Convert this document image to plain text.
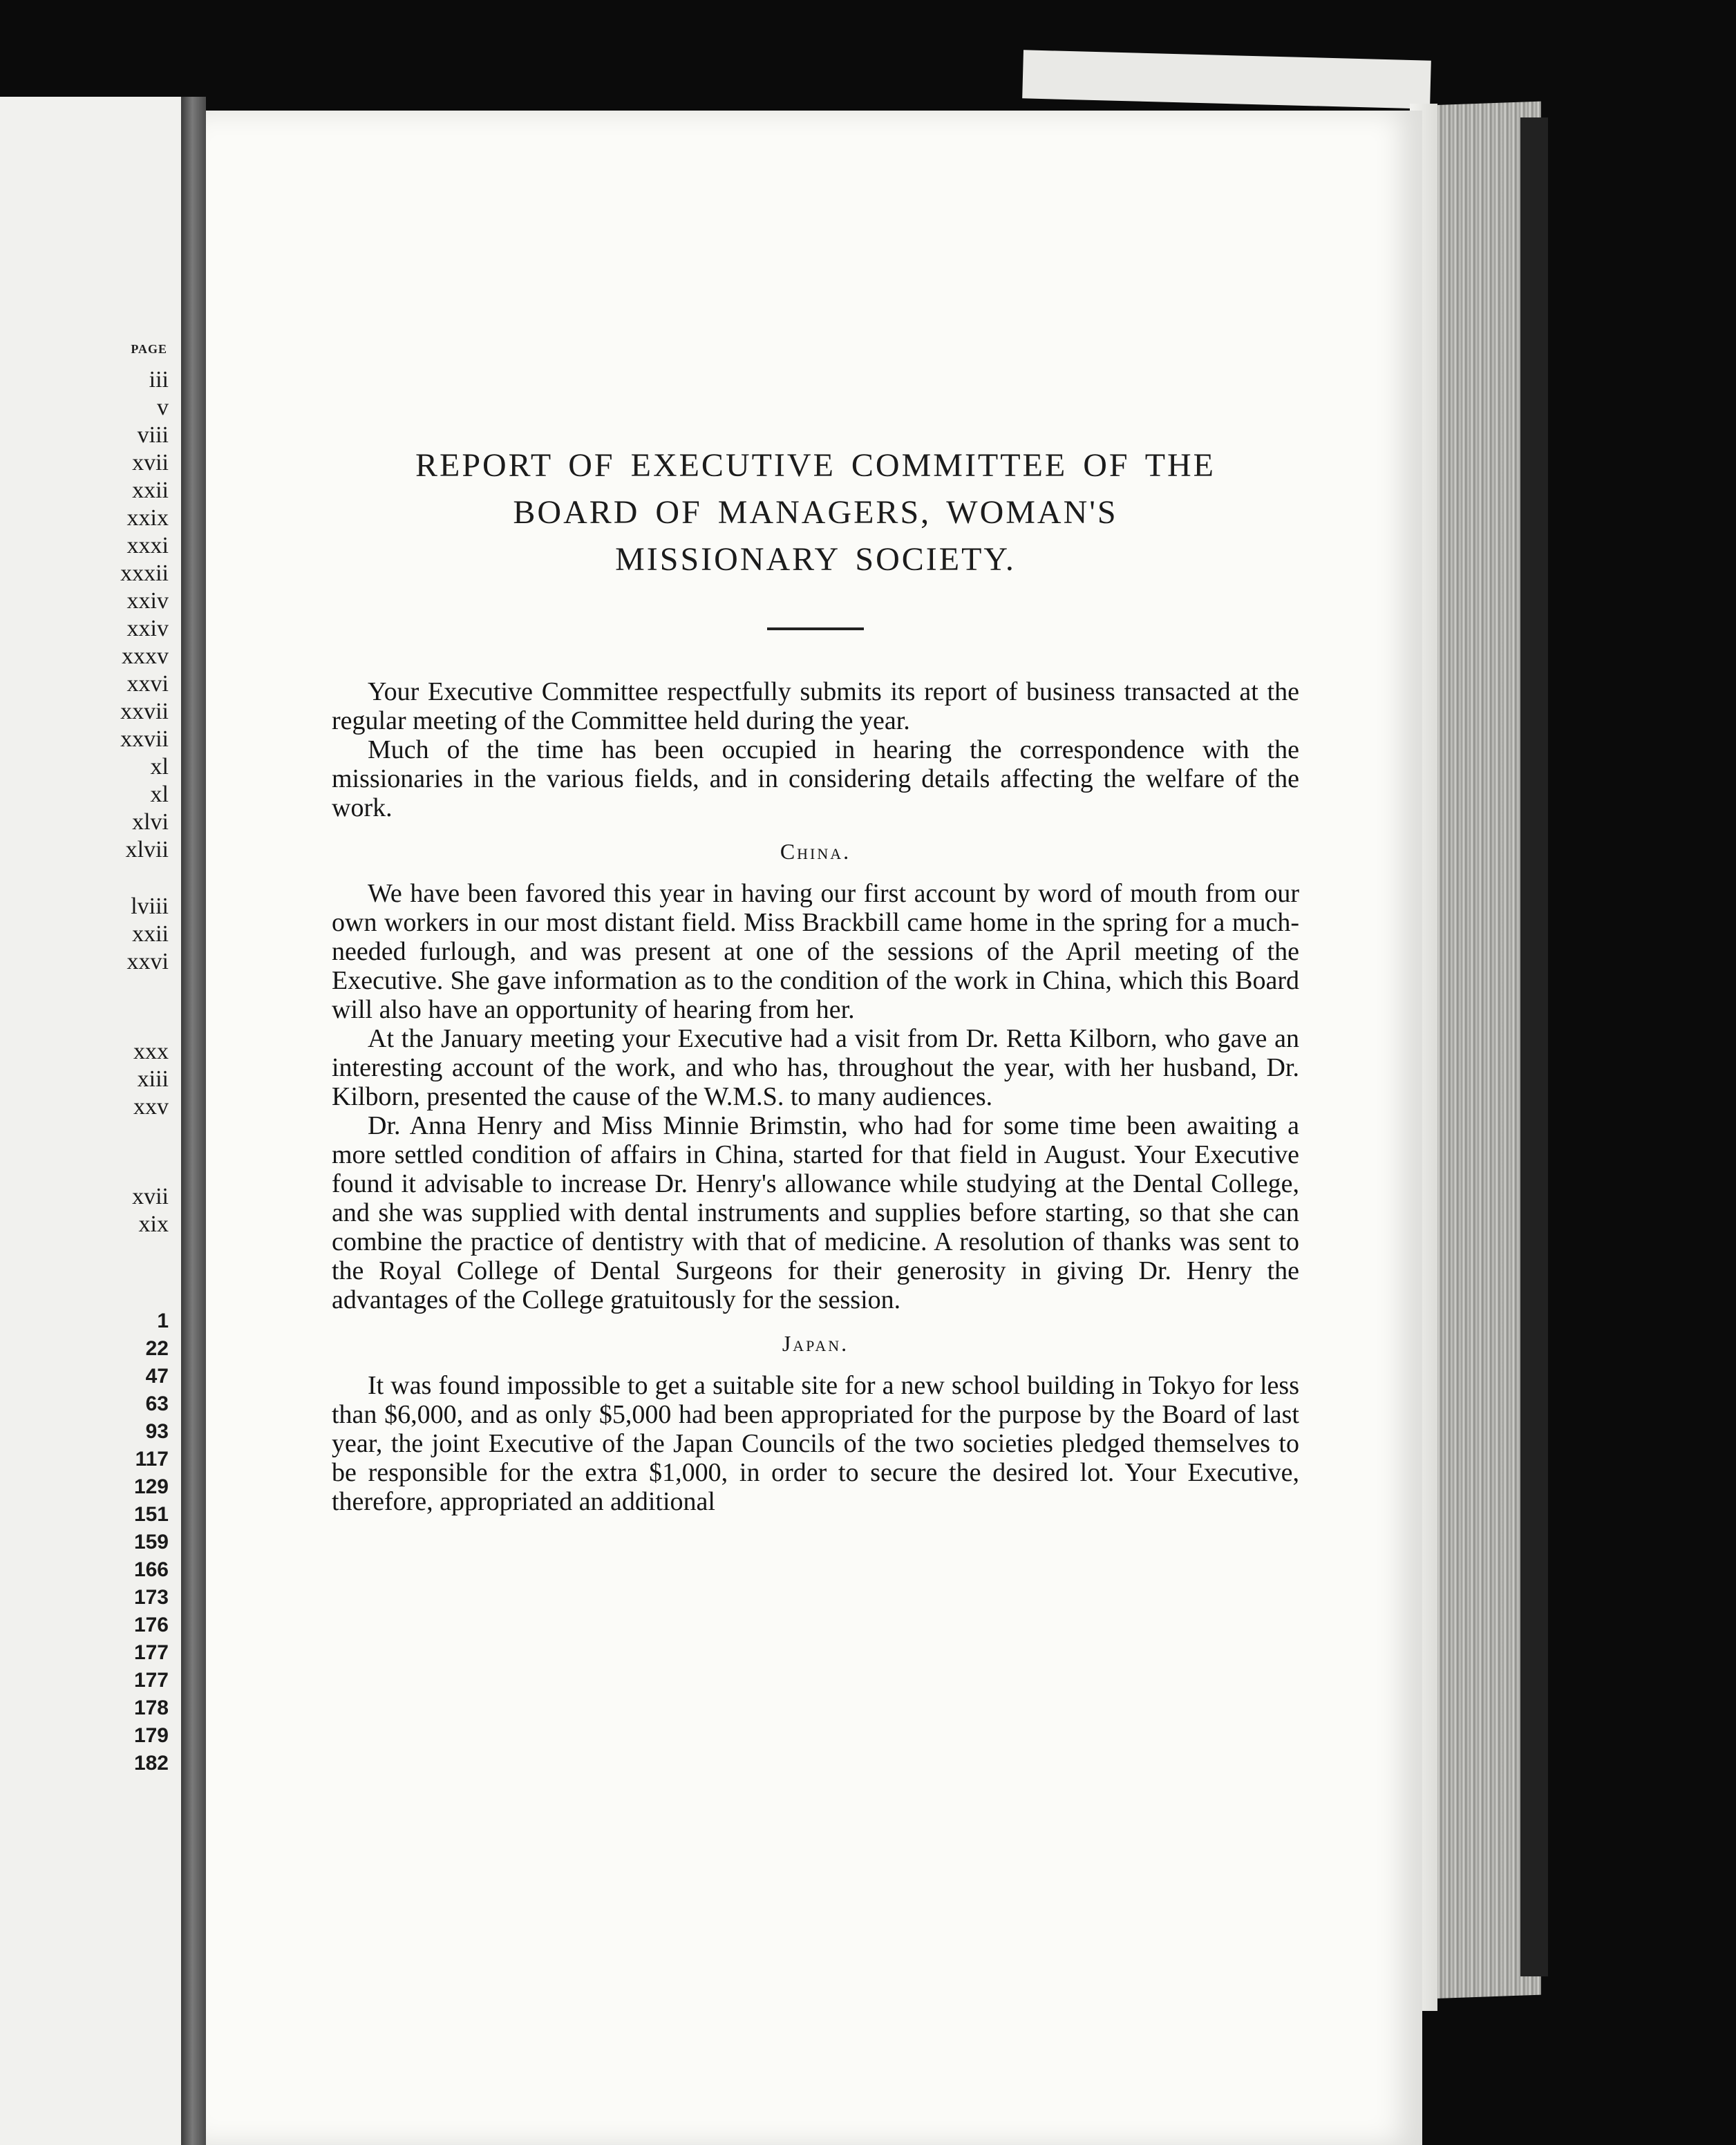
PAGE
iii
v
viii
xvii
xxii
xxix
xxxi
xxxii
xxiv
xxiv
xxxv
xxvi
xxvii
xxvii
xl
xl
xlvi
xlvii
lviii
xxii
xxvi
xxx
xiii
xxv
xvii
xix
1
22
47
63
93
117
129
151
159
166
173
176
177
177
178
179
182
REPORT OF EXECUTIVE COMMITTEE OF THE
BOARD OF MANAGERS, WOMAN'S
MISSIONARY SOCIETY.

Your Executive Committee respectfully submits its report of business transacted at the regular meeting of the Committee held during the year.

Much of the time has been occupied in hearing the correspondence with the missionaries in the various fields, and in considering details affecting the welfare of the work.

China.

We have been favored this year in having our first account by word of mouth from our own workers in our most distant field. Miss Brackbill came home in the spring for a much-needed furlough, and was present at one of the sessions of the April meeting of the Executive. She gave information as to the condition of the work in China, which this Board will also have an opportunity of hearing from her.

At the January meeting your Executive had a visit from Dr. Retta Kilborn, who gave an interesting account of the work, and who has, throughout the year, with her husband, Dr. Kilborn, presented the cause of the W.M.S. to many audiences.

Dr. Anna Henry and Miss Minnie Brimstin, who had for some time been awaiting a more settled condition of affairs in China, started for that field in August. Your Executive found it advisable to increase Dr. Henry's allowance while studying at the Dental College, and she was supplied with dental instruments and supplies before starting, so that she can combine the practice of dentistry with that of medicine. A resolution of thanks was sent to the Royal College of Dental Surgeons for their generosity in giving Dr. Henry the advantages of the College gratuitously for the session.

Japan.

It was found impossible to get a suitable site for a new school building in Tokyo for less than $6,000, and as only $5,000 had been appropriated for the purpose by the Board of last year, the joint Executive of the Japan Councils of the two societies pledged themselves to be responsible for the extra $1,000, in order to secure the desired lot. Your Executive, therefore, appropriated an additional
